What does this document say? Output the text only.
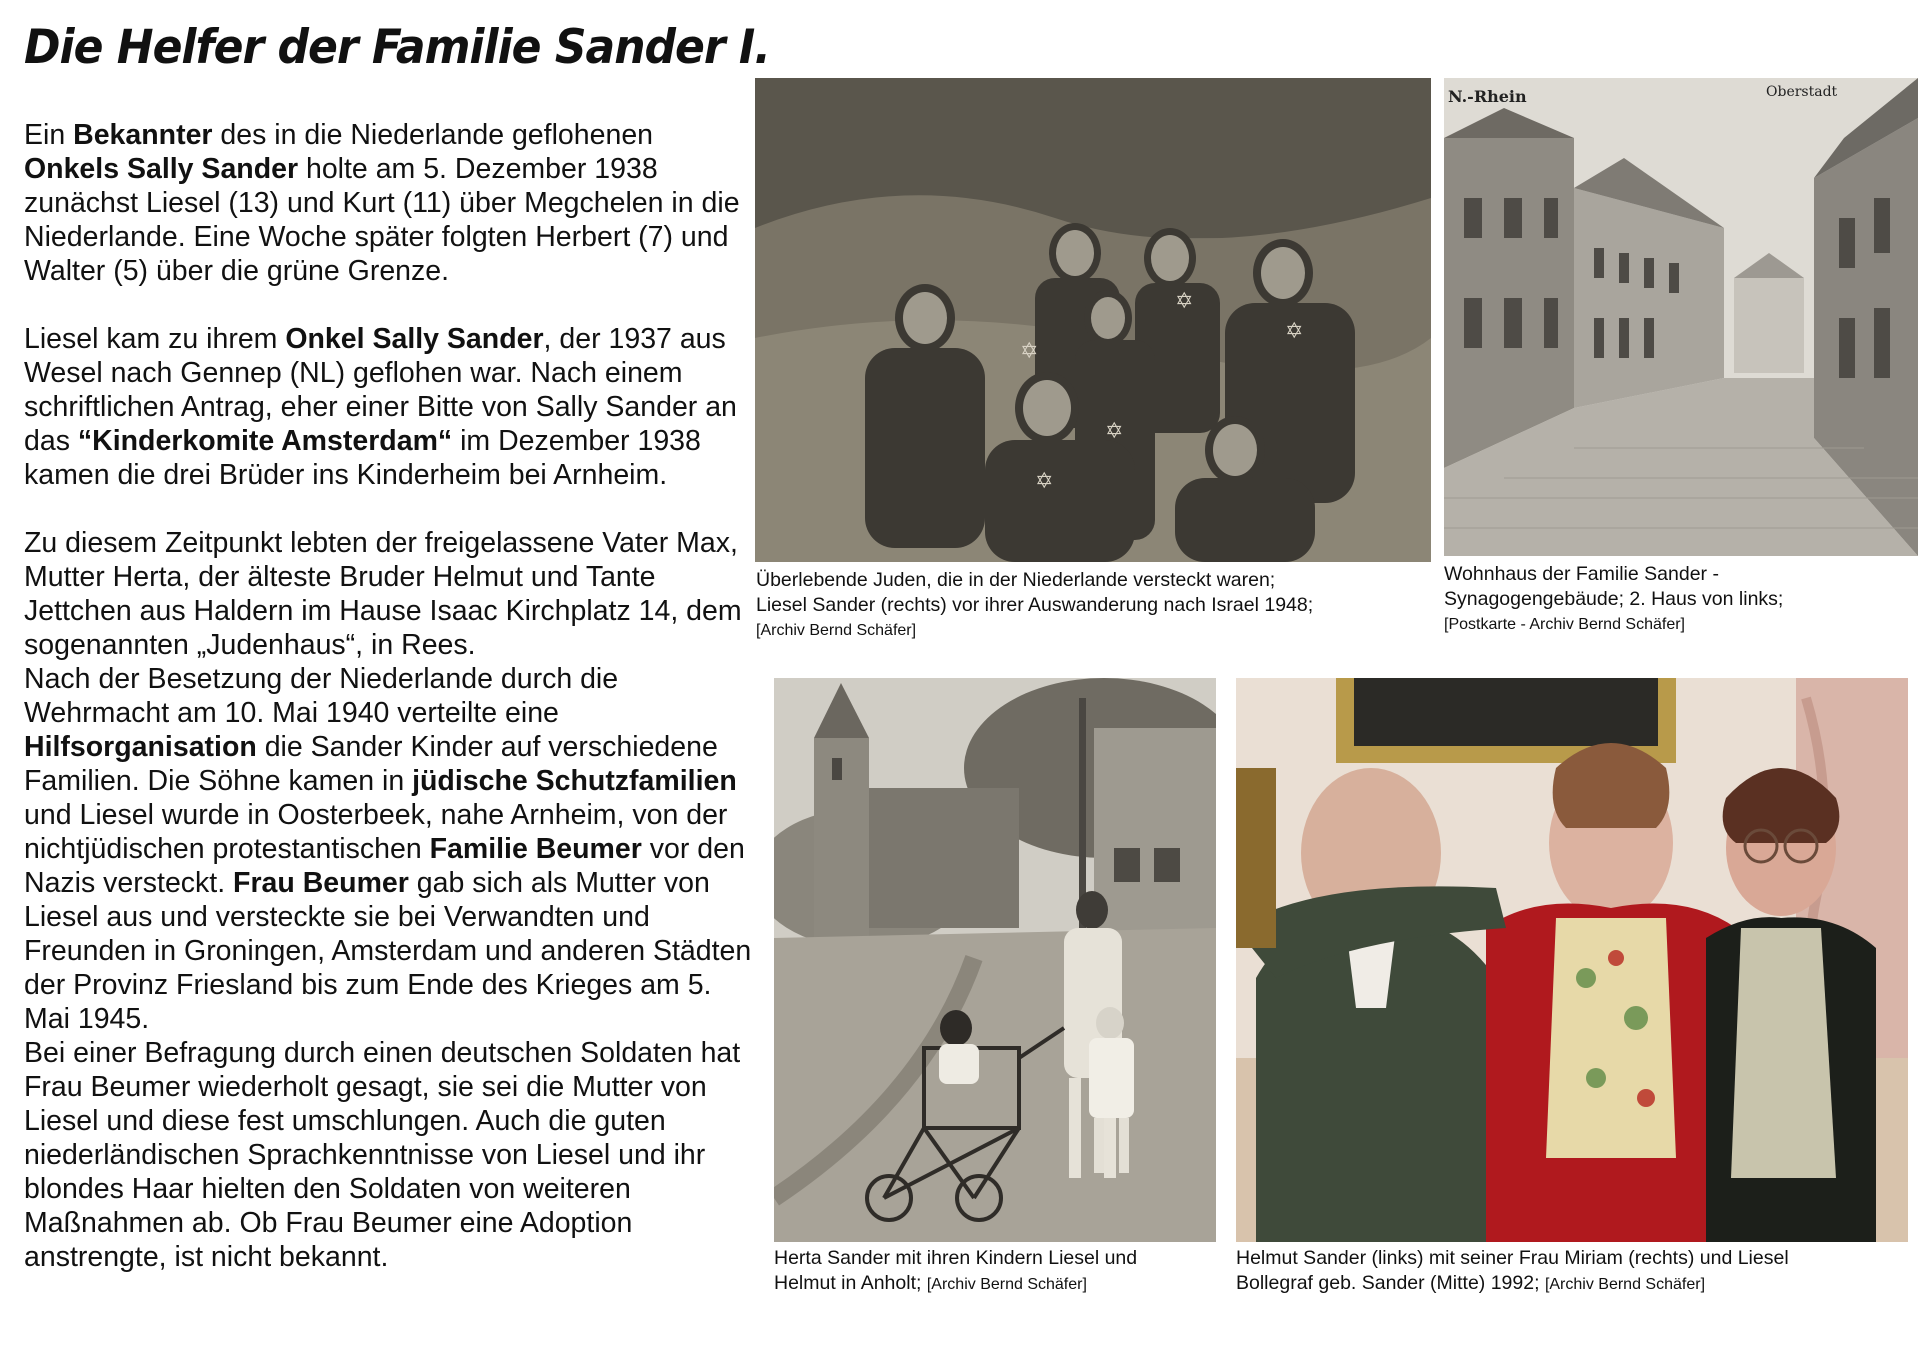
Die Helfer der Familie Sander I.

Ein Bekannter des in die Niederlande geflohenen Onkels Sally Sander holte am 5. Dezember 1938 zunächst Liesel (13) und Kurt (11) über Megchelen in die Niederlande. Eine Woche später folgten Herbert (7) und Walter (5) über die grüne Grenze.

Liesel kam zu ihrem Onkel Sally Sander, der 1937 aus Wesel nach Gennep (NL) geflohen war. Nach einem schriftlichen Antrag, eher einer Bitte von Sally Sander an das “Kinderkomite Amsterdam“ im Dezember 1938 kamen die drei Brüder ins Kinderheim bei Arnheim.

Zu diesem Zeitpunkt lebten der freigelassene Vater Max, Mutter Herta, der älteste Bruder Helmut und Tante Jettchen aus Haldern im Hause Isaac Kirchplatz 14, dem sogenannten „Judenhaus“, in Rees.

Nach der Besetzung der Niederlande durch die Wehrmacht am 10. Mai 1940 verteilte eine Hilfsorganisation die Sander Kinder auf verschiedene Familien. Die Söhne kamen in jüdische Schutzfamilien und Liesel wurde in Oosterbeek, nahe Arnheim, von der nichtjüdischen protestantischen Familie Beumer vor den Nazis versteckt. Frau Beumer gab sich als Mutter von Liesel aus und versteckte sie bei Verwandten und Freunden in Groningen, Amsterdam und anderen Städten der Provinz Friesland bis zum Ende des Krieges am 5. Mai 1945.

Bei einer Befragung durch einen deutschen Soldaten hat Frau Beumer wiederholt gesagt, sie sei die Mutter von Liesel und diese fest umschlungen. Auch die guten niederländischen Sprachkenntnisse von Liesel und ihr blondes Haar hielten den Soldaten von weiteren Maßnahmen ab. Ob Frau Beumer eine Adoption anstrengte, ist nicht bekannt.

✡
✡
✡
✡
✡
Überlebende Juden, die in der Niederlande versteckt waren;
Liesel Sander (rechts) vor ihrer Auswanderung nach Israel 1948;
[Archiv Bernd Schäfer]
N.-Rhein	Oberstadt
Wohnhaus der Familie Sander -
Synagogengebäude; 2. Haus von links;
[Postkarte - Archiv Bernd Schäfer]
Herta Sander mit ihren Kindern Liesel und
Helmut in Anholt; [Archiv Bernd Schäfer]
Helmut Sander (links) mit seiner Frau Miriam (rechts) und Liesel
Bollegraf geb. Sander (Mitte) 1992; [Archiv Bernd Schäfer]
